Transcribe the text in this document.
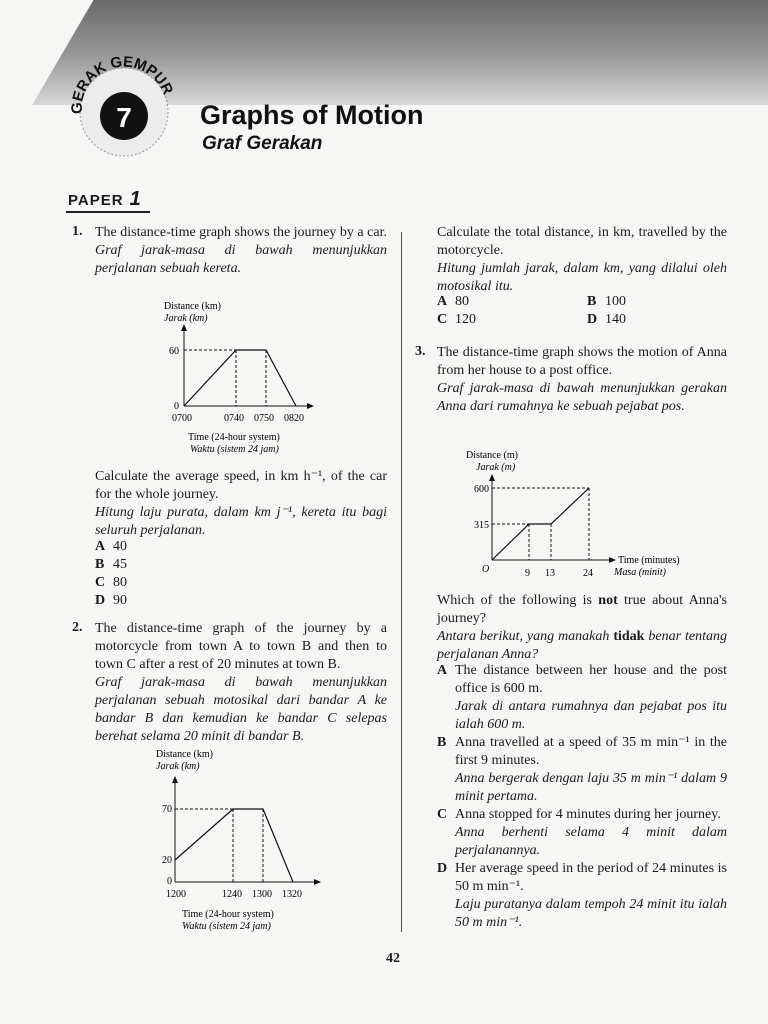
GERAK GEMPUR
7	Graphs of Motion
Graf Gerakan
PAPER 1
1. The distance-time graph shows the journey by a car.

Graf jarak-masa di bawah menunjukkan perjalanan sebuah kereta.

Distance (km)
Jarak (km)
60
0
0700	0740 0750 0820
Time (24-hour system)
Waktu (sistem 24 jam)

Calculate the average speed, in km h⁻¹, of the car for the whole journey.

Hitung laju purata, dalam km j⁻¹, kereta itu bagi seluruh perjalanan.

A 40
B 45
C 80
D 90
2. The distance-time graph of the journey by a motorcycle from town A to town B and then to town C after a rest of 20 minutes at town B.

Graf jarak-masa di bawah menunjukkan perjalanan sebuah motosikal dari bandar A ke bandar B dan kemudian ke bandar C selepas berehat selama 20 minit di bandar B.

Distance (km)
Jarak (km)
70
20
0
1200	1240 1300 1320
Time (24-hour system)
Waktu (sistem 24 jam)

Calculate the total distance, in km, travelled by the motorcycle.

Hitung jumlah jarak, dalam km, yang dilalui oleh motosikal itu.

A 80	B 100
C 120	D 140
3. The distance-time graph shows the motion of Anna from her house to a post office.

Graf jarak-masa di bawah menunjukkan gerakan Anna dari rumahnya ke sebuah pejabat pos.

Distance (m)
Jarak (m)
600
315
O	9 13	24
Time (minutes)
Masa (minit)

Which of the following is not true about Anna's journey?

Antara berikut, yang manakah tidak benar tentang perjalanan Anna?

A The distance between her house and the post office is 600 m.

Jarak di antara rumahnya dan pejabat pos itu ialah 600 m.

B Anna travelled at a speed of 35 m min⁻¹ in the first 9 minutes.

Anna bergerak dengan laju 35 m min⁻¹ dalam 9 minit pertama.

C Anna stopped for 4 minutes during her journey.

Anna berhenti selama 4 minit dalam perjalanannya.

D Her average speed in the period of 24 minutes is 50 m min⁻¹.

Laju puratanya dalam tempoh 24 minit itu ialah 50 m min⁻¹.

42
